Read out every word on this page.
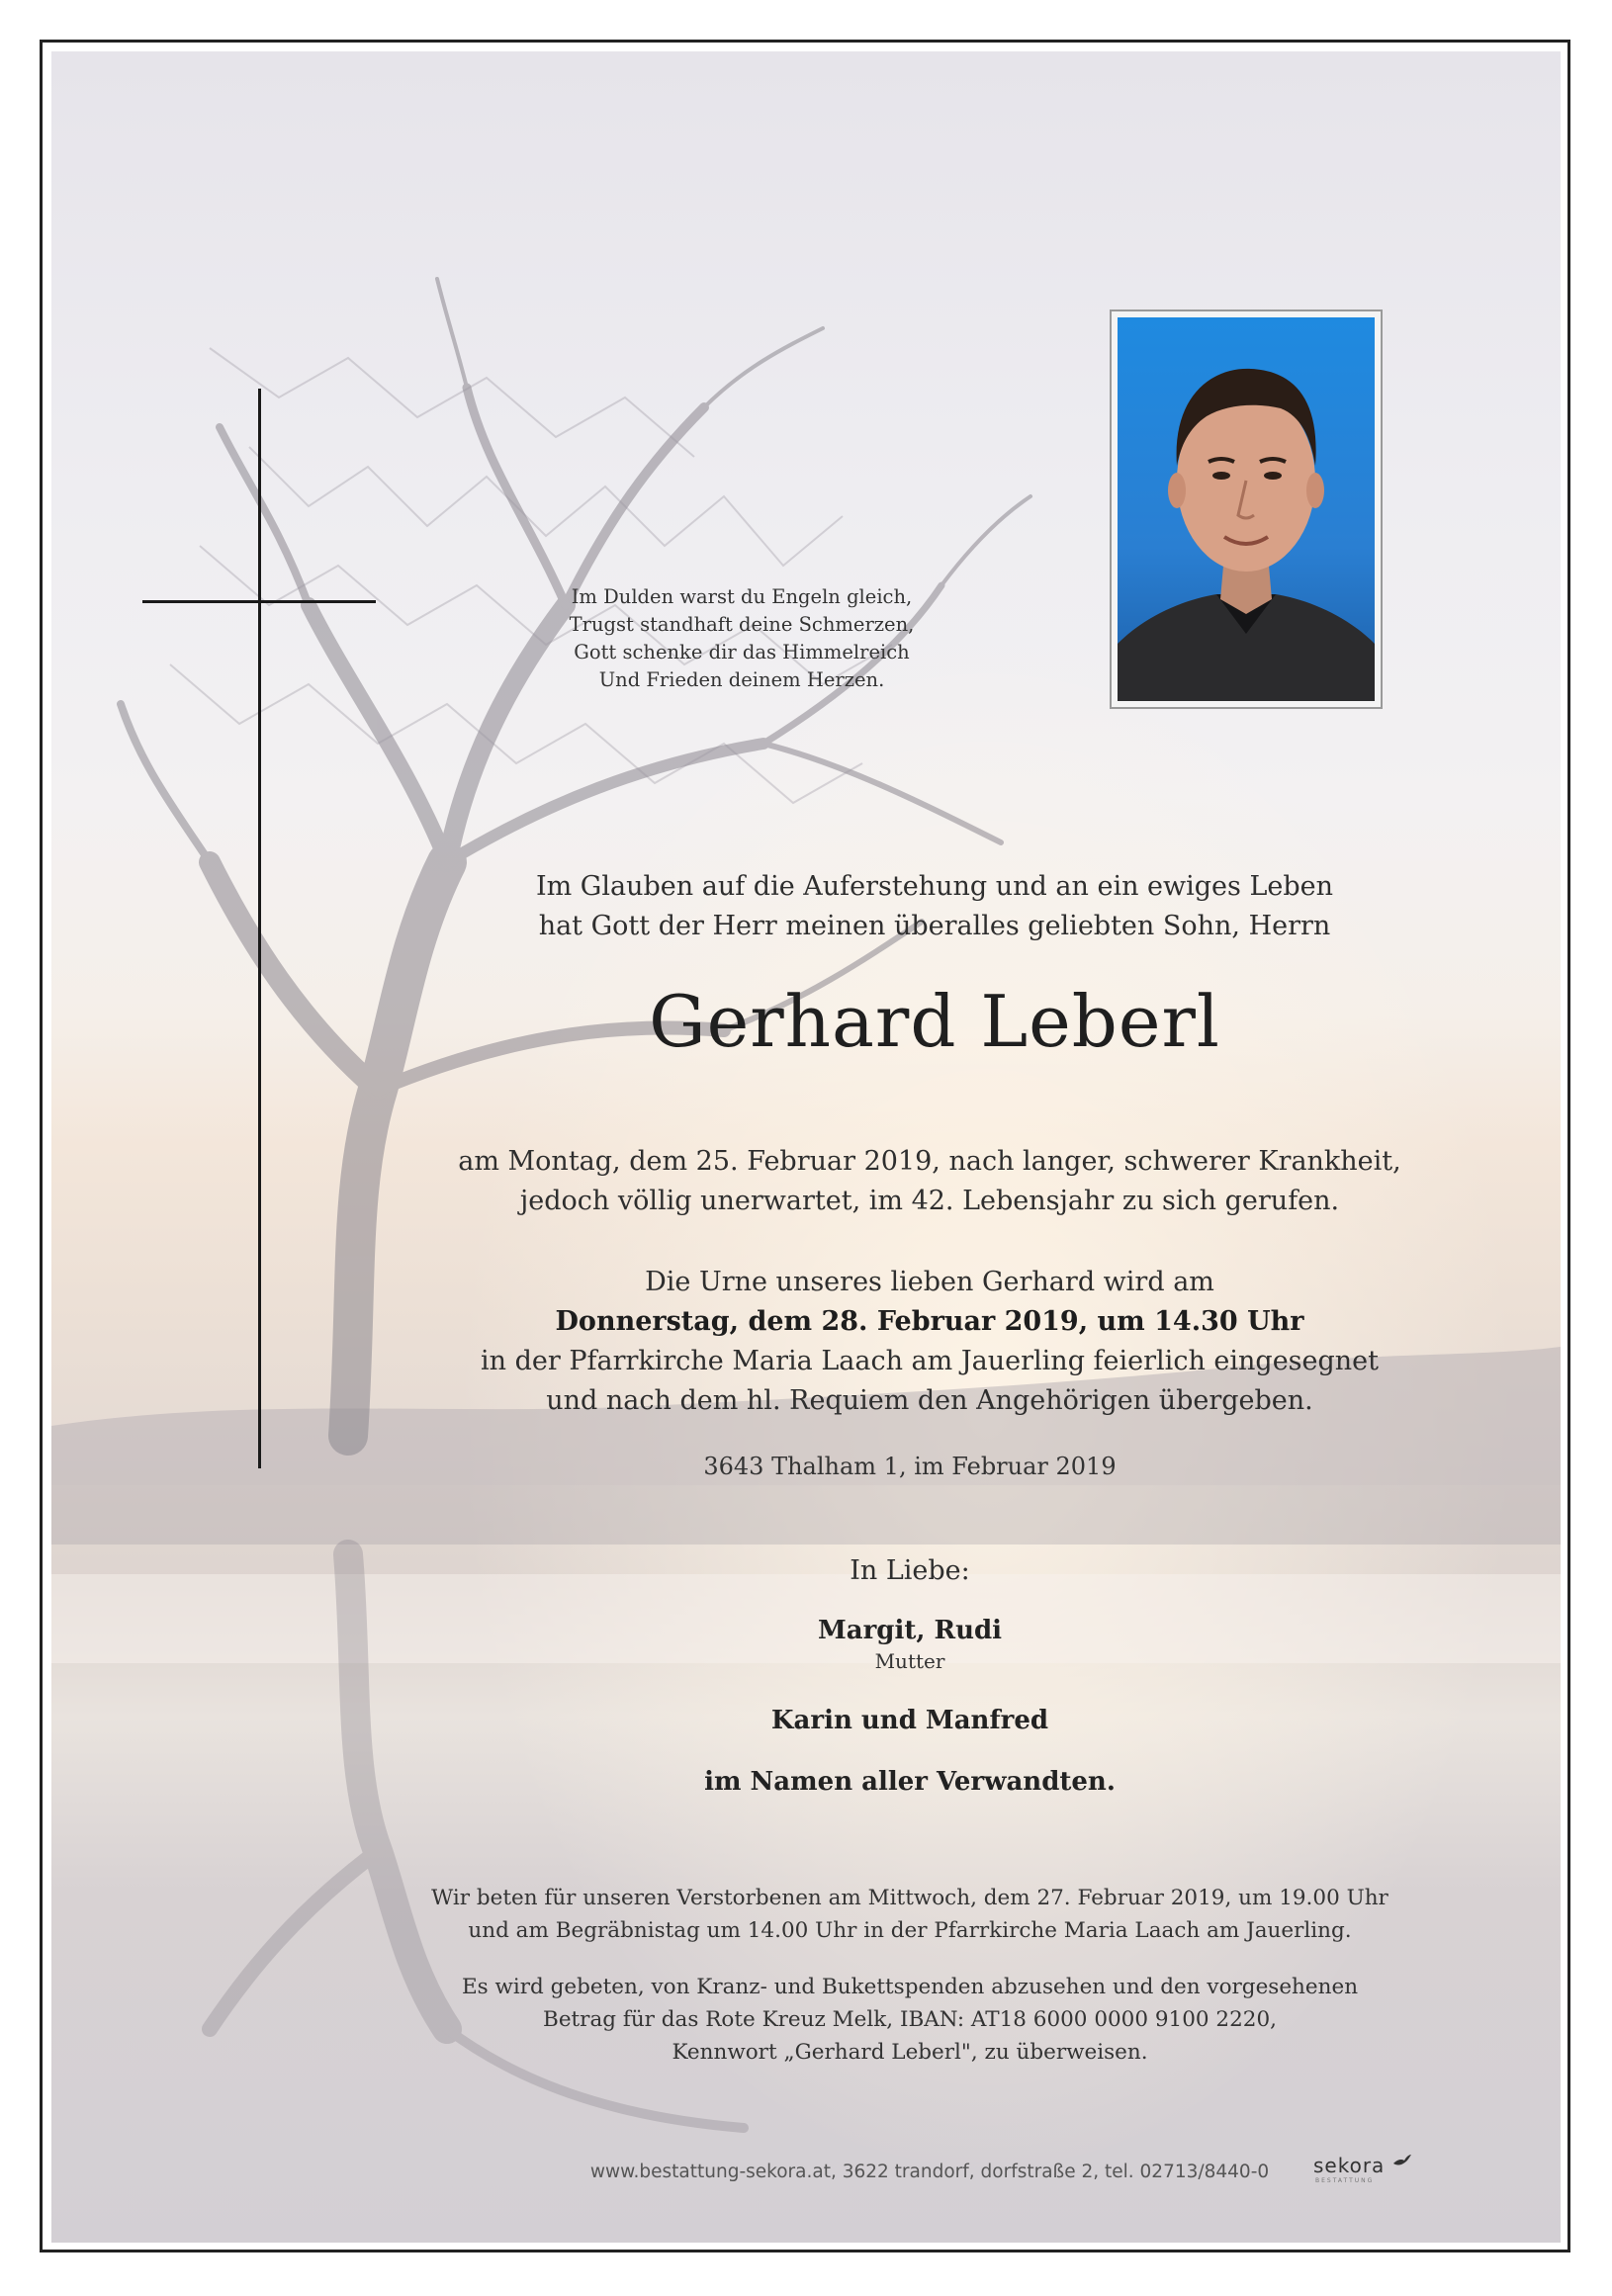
Im Dulden warst du Engeln gleich,
Trugst standhaft deine Schmerzen,
Gott schenke dir das Himmelreich
Und Frieden deinem Herzen.
Im Glauben auf die Auferstehung und an ein ewiges Leben
hat Gott der Herr meinen überalles geliebten Sohn, Herrn
Gerhard Leberl
am Montag, dem 25. Februar 2019, nach langer, schwerer Krankheit,
jedoch völlig unerwartet, im 42. Lebensjahr zu sich gerufen.
Die Urne unseres lieben Gerhard wird am
Donnerstag, dem 28. Februar 2019, um 14.30 Uhr
in der Pfarrkirche Maria Laach am Jauerling feierlich eingesegnet
und nach dem hl. Requiem den Angehörigen übergeben.
3643 Thalham 1, im Februar 2019
In Liebe:
Margit, Rudi
Mutter
Karin und Manfred
im Namen aller Verwandten.
Wir beten für unseren Verstorbenen am Mittwoch, dem 27. Februar 2019, um 19.00 Uhr
und am Begräbnistag um 14.00 Uhr in der Pfarrkirche Maria Laach am Jauerling.
Es wird gebeten, von Kranz- und Bukettspenden abzusehen und den vorgesehenen
Betrag für das Rote Kreuz Melk, IBAN: AT18 6000 0000 9100 2220,
Kennwort „Gerhard Leberl", zu überweisen.
www.bestattung-sekora.at, 3622 trandorf, dorfstraße 2, tel. 02713/8440-0	sekora
BESTATTUNG
